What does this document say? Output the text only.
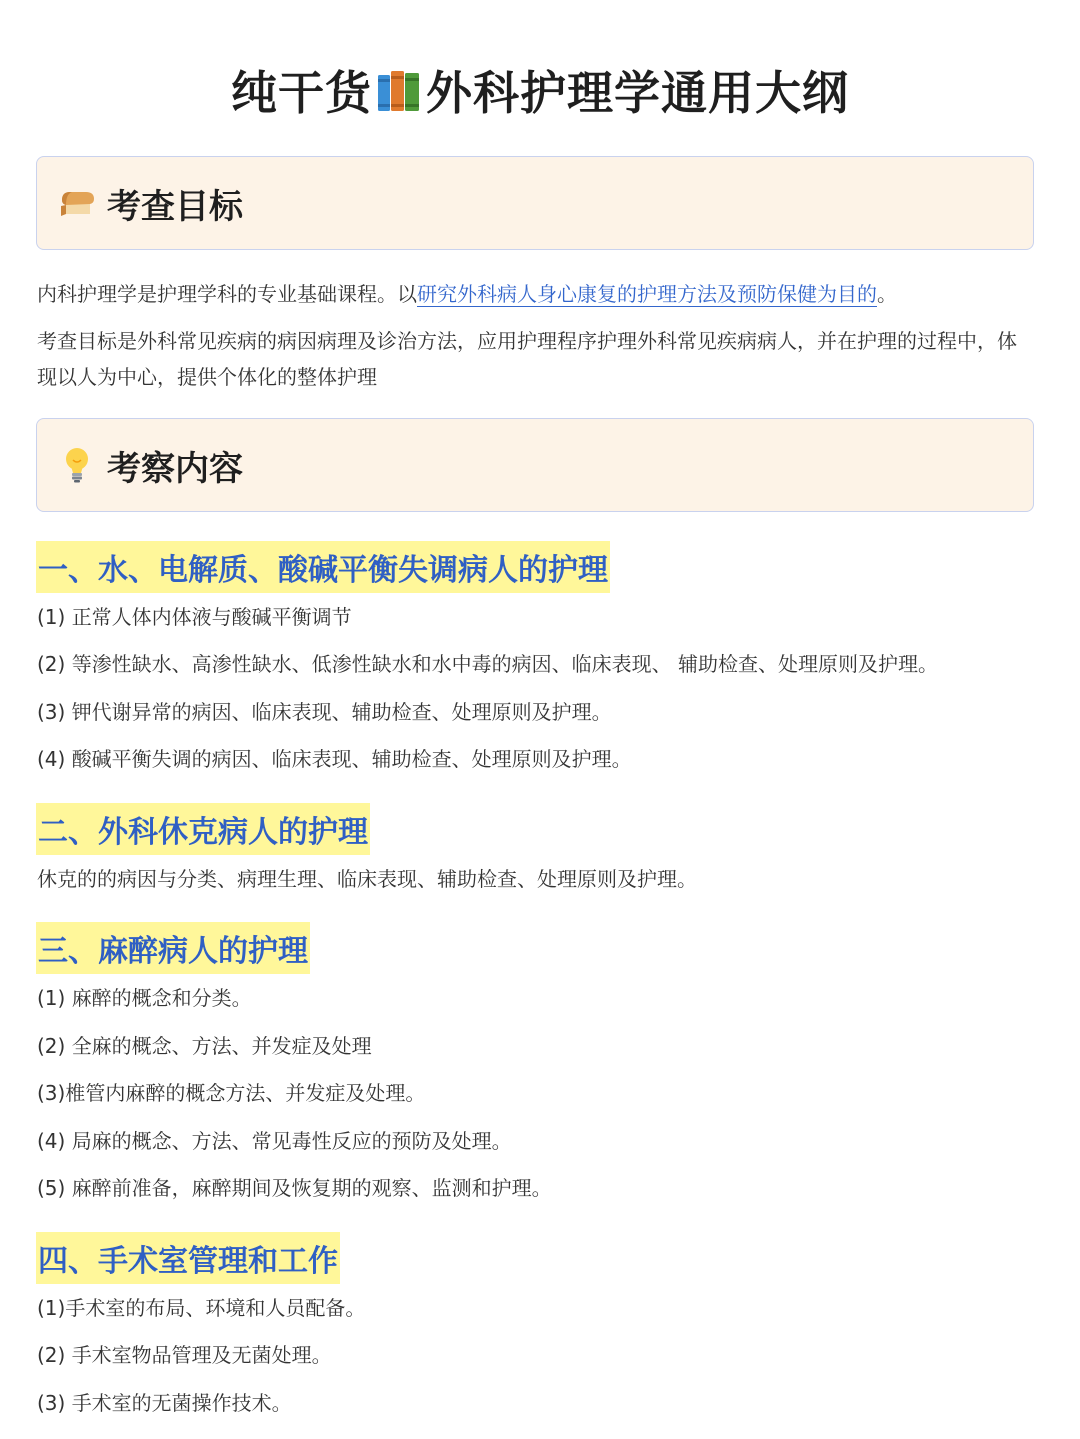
纯干货 外科护理学通用大纲
考查目标
内科护理学是护理学科的专业基础课程。以研究外科病人身心康复的护理方法及预防保健为目的。
考查目标是外科常见疾病的病因病理及诊治方法，应用护理程序护理外科常见疾病病人，并在护理的过程中，体现以人为中心，提供个体化的整体护理
考察内容
一、水、电解质、酸碱平衡失调病人的护理
(1) 正常人体内体液与酸碱平衡调节
(2) 等渗性缺水、高渗性缺水、低渗性缺水和水中毒的病因、临床表现、 辅助检查、处理原则及护理。
(3) 钾代谢异常的病因、临床表现、辅助检查、处理原则及护理。
(4) 酸碱平衡失调的病因、临床表现、辅助检查、处理原则及护理。
二、外科休克病人的护理
休克的的病因与分类、病理生理、临床表现、辅助检查、处理原则及护理。
三、麻醉病人的护理
(1) 麻醉的概念和分类。
(2) 全麻的概念、方法、并发症及处理
(3)椎管内麻醉的概念方法、并发症及处理。
(4) 局麻的概念、方法、常见毒性反应的预防及处理。
(5) 麻醉前准备，麻醉期间及恢复期的观察、监测和护理。
四、手术室管理和工作
(1)手术室的布局、环境和人员配备。
(2) 手术室物品管理及无菌处理。
(3) 手术室的无菌操作技术。
